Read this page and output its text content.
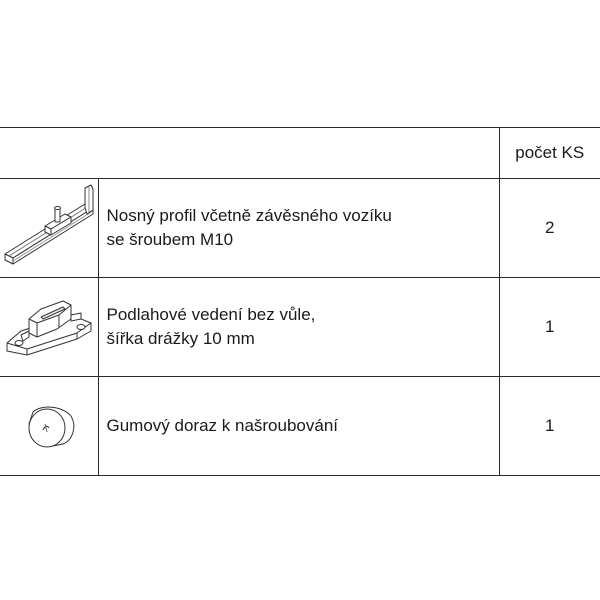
		počet KS

Nosný profil včetně závěsného vozíku
se šroubem M10	2

Podlahové vedení bez vůle,
šířka drážky 10 mm	1

Gumový doraz k našroubování	1
